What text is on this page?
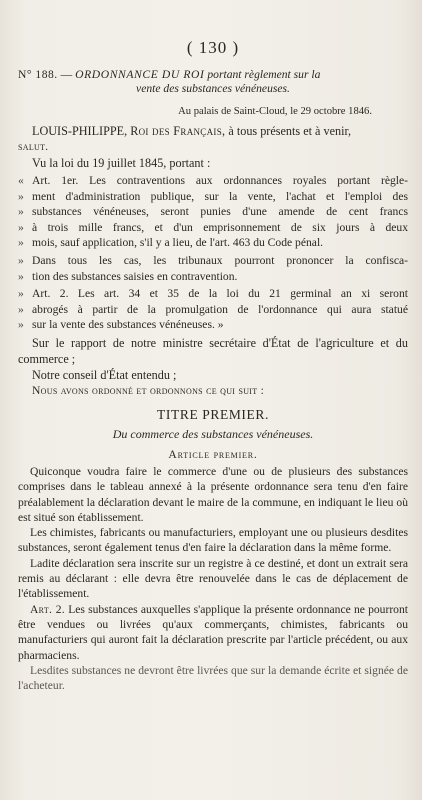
( 130 )
N° 188. — ORDONNANCE DU ROI portant règlement sur la
vente des substances vénéneuses.
Au palais de Saint-Cloud, le 29 octobre 1846.

LOUIS-PHILIPPE, Roi des Français, à tous présents et à venir,

salut.

Vu la loi du 19 juillet 1845, portant :

« Art. 1er. Les contraventions aux ordonnances royales portant règle-
» ment d'administration publique, sur la vente, l'achat et l'emploi des
» substances vénéneuses, seront punies d'une amende de cent francs
» à trois mille francs, et d'un emprisonnement de six jours à deux
» mois, sauf application, s'il y a lieu, de l'art. 463 du Code pénal.
» Dans tous les cas, les tribunaux pourront prononcer la confisca-
» tion des substances saisies en contravention.
» Art. 2. Les art. 34 et 35 de la loi du 21 germinal an xi seront
» abrogés à partir de la promulgation de l'ordonnance qui aura statué
» sur la vente des substances vénéneuses. »

Sur le rapport de notre ministre secrétaire d'État de l'agriculture et du commerce ;

Notre conseil d'État entendu ;

Nous avons ordonné et ordonnons ce qui suit :

TITRE PREMIER.
Du commerce des substances vénéneuses.
Article premier.

Quiconque voudra faire le commerce d'une ou de plusieurs des substances comprises dans le tableau annexé à la présente ordonnance sera tenu d'en faire préalablement la déclaration devant le maire de la commune, en indiquant le lieu où est situé son établissement.

Les chimistes, fabricants ou manufacturiers, employant une ou plusieurs desdites substances, seront également tenus d'en faire la déclaration dans la même forme.

Ladite déclaration sera inscrite sur un registre à ce destiné, et dont un extrait sera remis au déclarant : elle devra être renouvelée dans le cas de déplacement de l'établissement.

Art. 2. Les substances auxquelles s'applique la présente ordonnance ne pourront être vendues ou livrées qu'aux commerçants, chimistes, fabricants ou manufacturiers qui auront fait la déclaration prescrite par l'article précédent, ou aux pharmaciens.

Lesdites substances ne devront être livrées que sur la demande écrite et signée de l'acheteur.
